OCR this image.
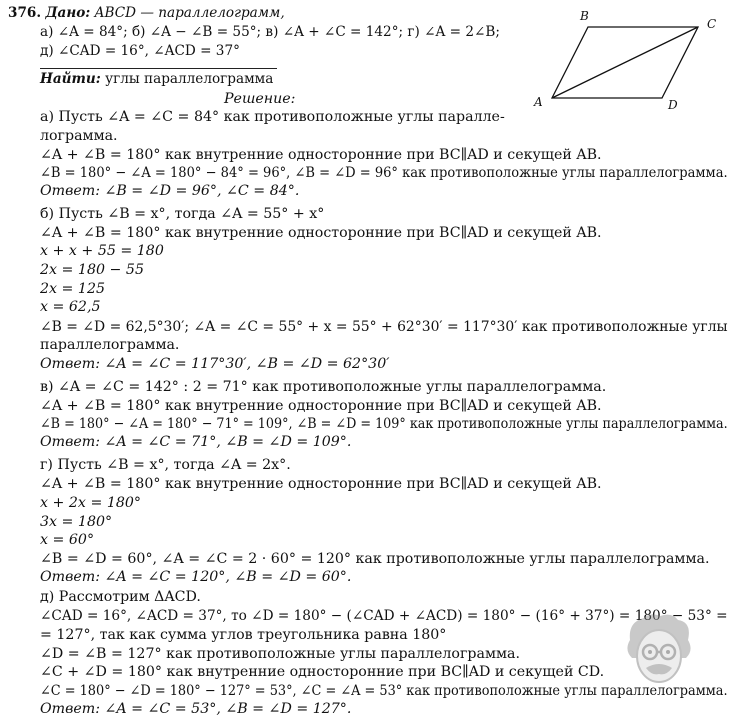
376. Дано: ABCD — параллелограмм,
а) ∠A = 84°; б) ∠A − ∠B = 55°; в) ∠A + ∠C = 142°; г) ∠A = 2∠B;
д) ∠CAD = 16°, ∠ACD = 37°
Найти: углы параллелограмма
B
C
A	D
Решение:
а) Пусть ∠A = ∠C = 84° как противоположные углы паралле-
лограмма.
∠A + ∠B = 180° как внутренние односторонние при BC∥AD и секущей AB.
∠B = 180° − ∠A = 180° − 84° = 96°, ∠B = ∠D = 96° как противоположные углы параллелограмма.
Ответ: ∠B = ∠D = 96°, ∠C = 84°.
б) Пусть ∠B = x°, тогда ∠A = 55° + x°
∠A + ∠B = 180° как внутренние односторонние при BC∥AD и секущей AB.
x + x + 55 = 180
2x = 180 − 55
2x = 125
x = 62,5
∠B = ∠D = 62,5°30′; ∠A = ∠C = 55° + x = 55° + 62°30′ = 117°30′ как противоположные углы
параллелограмма.
Ответ: ∠A = ∠C = 117°30′, ∠B = ∠D = 62°30′
в) ∠A = ∠C = 142° : 2 = 71° как противоположные углы параллелограмма.
∠A + ∠B = 180° как внутренние односторонние при BC∥AD и секущей AB.
∠B = 180° − ∠A = 180° − 71° = 109°, ∠B = ∠D = 109° как противоположные углы параллелограмма.
Ответ: ∠A = ∠C = 71°, ∠B = ∠D = 109°.
г) Пусть ∠B = x°, тогда ∠A = 2x°.
∠A + ∠B = 180° как внутренние односторонние при BC∥AD и секущей AB.
x + 2x = 180°
3x = 180°
x = 60°
∠B = ∠D = 60°, ∠A = ∠C = 2 · 60° = 120° как противоположные углы параллелограмма.
Ответ: ∠A = ∠C = 120°, ∠B = ∠D = 60°.
д) Рассмотрим ΔACD.
∠CAD = 16°, ∠ACD = 37°, то ∠D = 180° − (∠CAD + ∠ACD) = 180° − (16° + 37°) = 180° − 53° =
= 127°, так как сумма углов треугольника равна 180°
∠D = ∠B = 127° как противоположные углы параллелограмма.
∠C + ∠D = 180° как внутренние односторонние при BC∥AD и секущей CD.
∠C = 180° − ∠D = 180° − 127° = 53°, ∠C = ∠A = 53° как противоположные углы параллелограмма.
Ответ: ∠A = ∠C = 53°, ∠B = ∠D = 127°.
